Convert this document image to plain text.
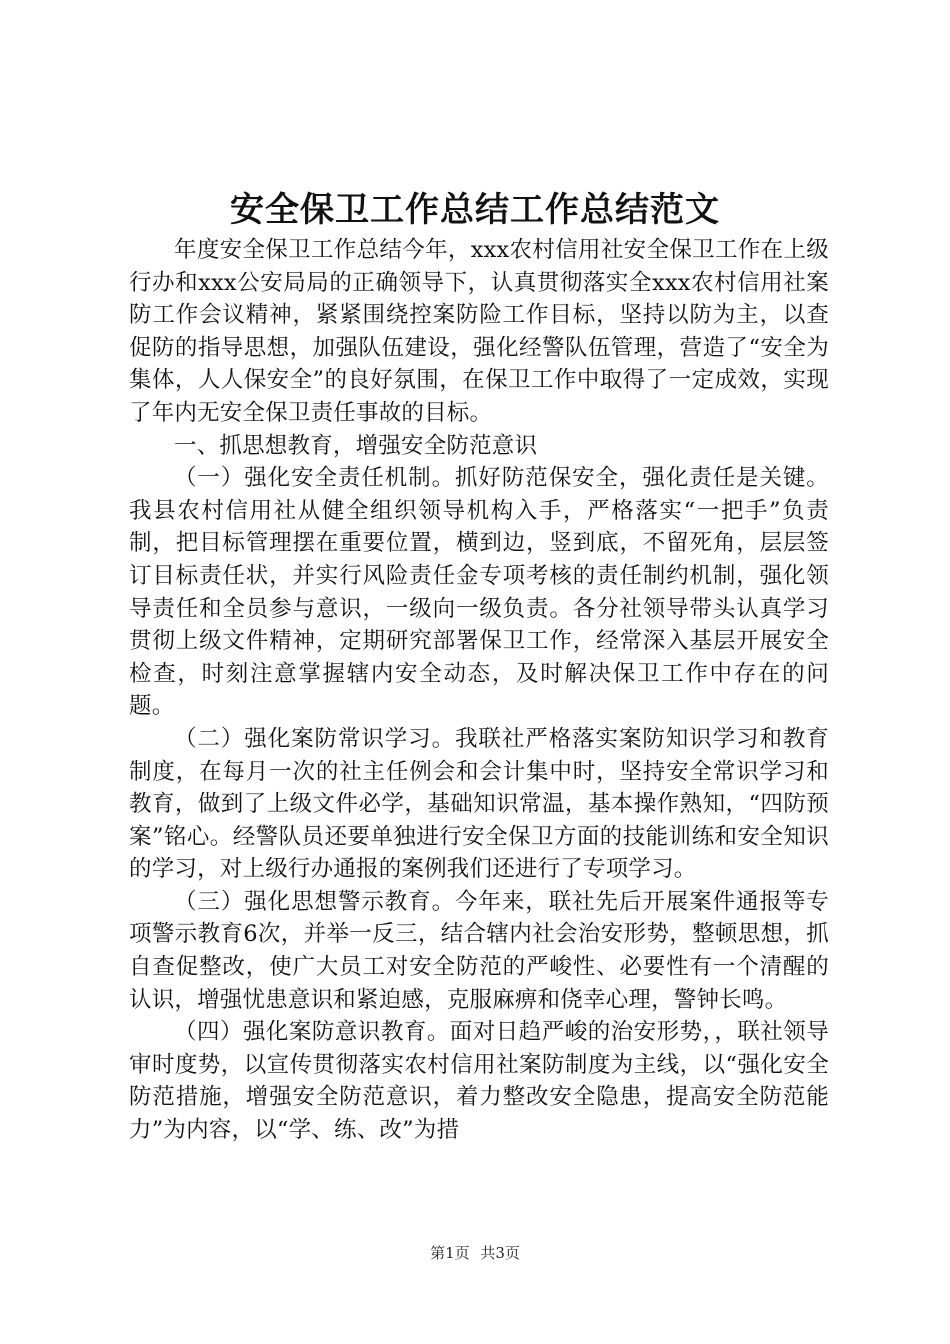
安全保卫工作总结工作总结范文

年度安全保卫工作总结今年，xxx农村信用社安全保卫工作在上级行办和xxx公安局局的正确领导下，认真贯彻落实全xxx农村信用社案防工作会议精神，紧紧围绕控案防险工作目标，坚持以防为主，以查促防的指导思想，加强队伍建设，强化经警队伍管理，营造了“安全为集体，人人保安全”的良好氛围，在保卫工作中取得了一定成效，实现了年内无安全保卫责任事故的目标。

一、抓思想教育，增强安全防范意识

（一）强化安全责任机制。抓好防范保安全，强化责任是关键。我县农村信用社从健全组织领导机构入手，严格落实“一把手”负责制，把目标管理摆在重要位置，横到边，竖到底，不留死角，层层签订目标责任状，并实行风险责任金专项考核的责任制约机制，强化领导责任和全员参与意识，一级向一级负责。各分社领导带头认真学习贯彻上级文件精神，定期研究部署保卫工作，经常深入基层开展安全检查，时刻注意掌握辖内安全动态，及时解决保卫工作中存在的问题。

（二）强化案防常识学习。我联社严格落实案防知识学习和教育制度，在每月一次的社主任例会和会计集中时，坚持安全常识学习和教育，做到了上级文件必学，基础知识常温，基本操作熟知，“四防预案”铭心。经警队员还要单独进行安全保卫方面的技能训练和安全知识的学习，对上级行办通报的案例我们还进行了专项学习。

（三）强化思想警示教育。今年来，联社先后开展案件通报等专项警示教育6次，并举一反三，结合辖内社会治安形势，整顿思想，抓自查促整改，使广大员工对安全防范的严峻性、必要性有一个清醒的认识，增强忧患意识和紧迫感，克服麻痹和侥幸心理，警钟长鸣。

（四）强化案防意识教育。面对日趋严峻的治安形势，，联社领导审时度势，以宣传贯彻落实农村信用社案防制度为主线，以“强化安全防范措施，增强安全防范意识，着力整改安全隐患，提高安全防范能力”为内容，以“学、练、改”为措

第1页 共3页
